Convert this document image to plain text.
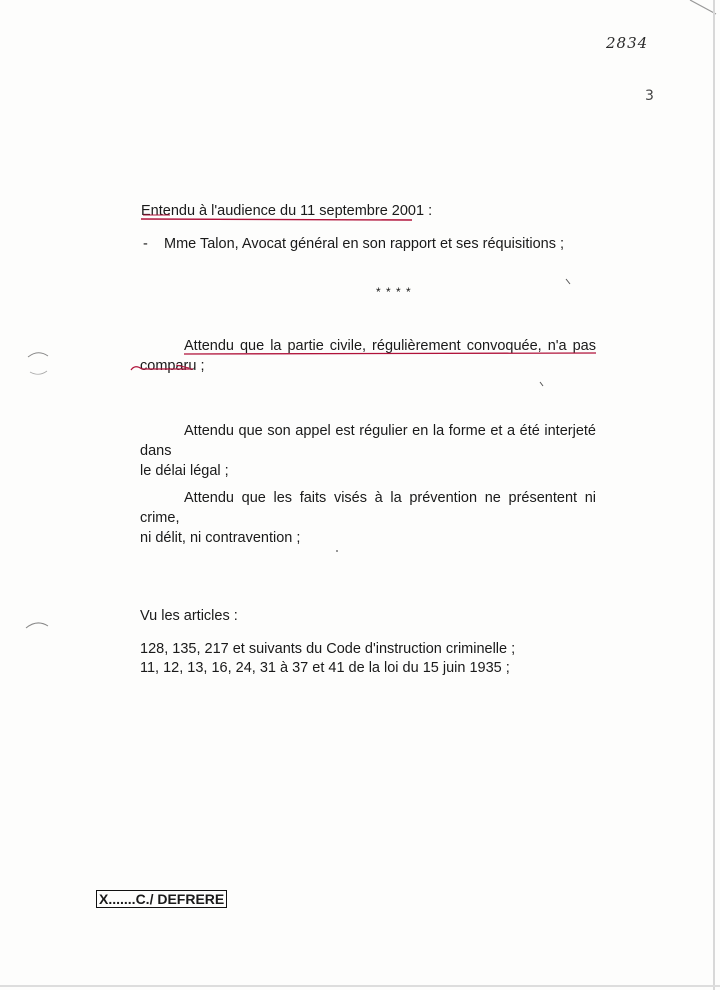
2834
3
Entendu à l'audience du 11 septembre 2001 :
- Mme Talon, Avocat général en son rapport et ses réquisitions ;
* * * *
Attendu que la partie civile, régulièrement convoquée, n'a pas
comparu ;
Attendu que son appel est régulier en la forme et a été interjeté dans
le délai légal ;
Attendu que les faits visés à la prévention ne présentent ni crime,
ni délit, ni contravention ;
Vu les articles :
128, 135, 217 et suivants du Code d'instruction criminelle ;
11, 12, 13, 16, 24, 31 à 37 et 41 de la loi du 15 juin 1935 ;
X.......C./ DEFRERE
